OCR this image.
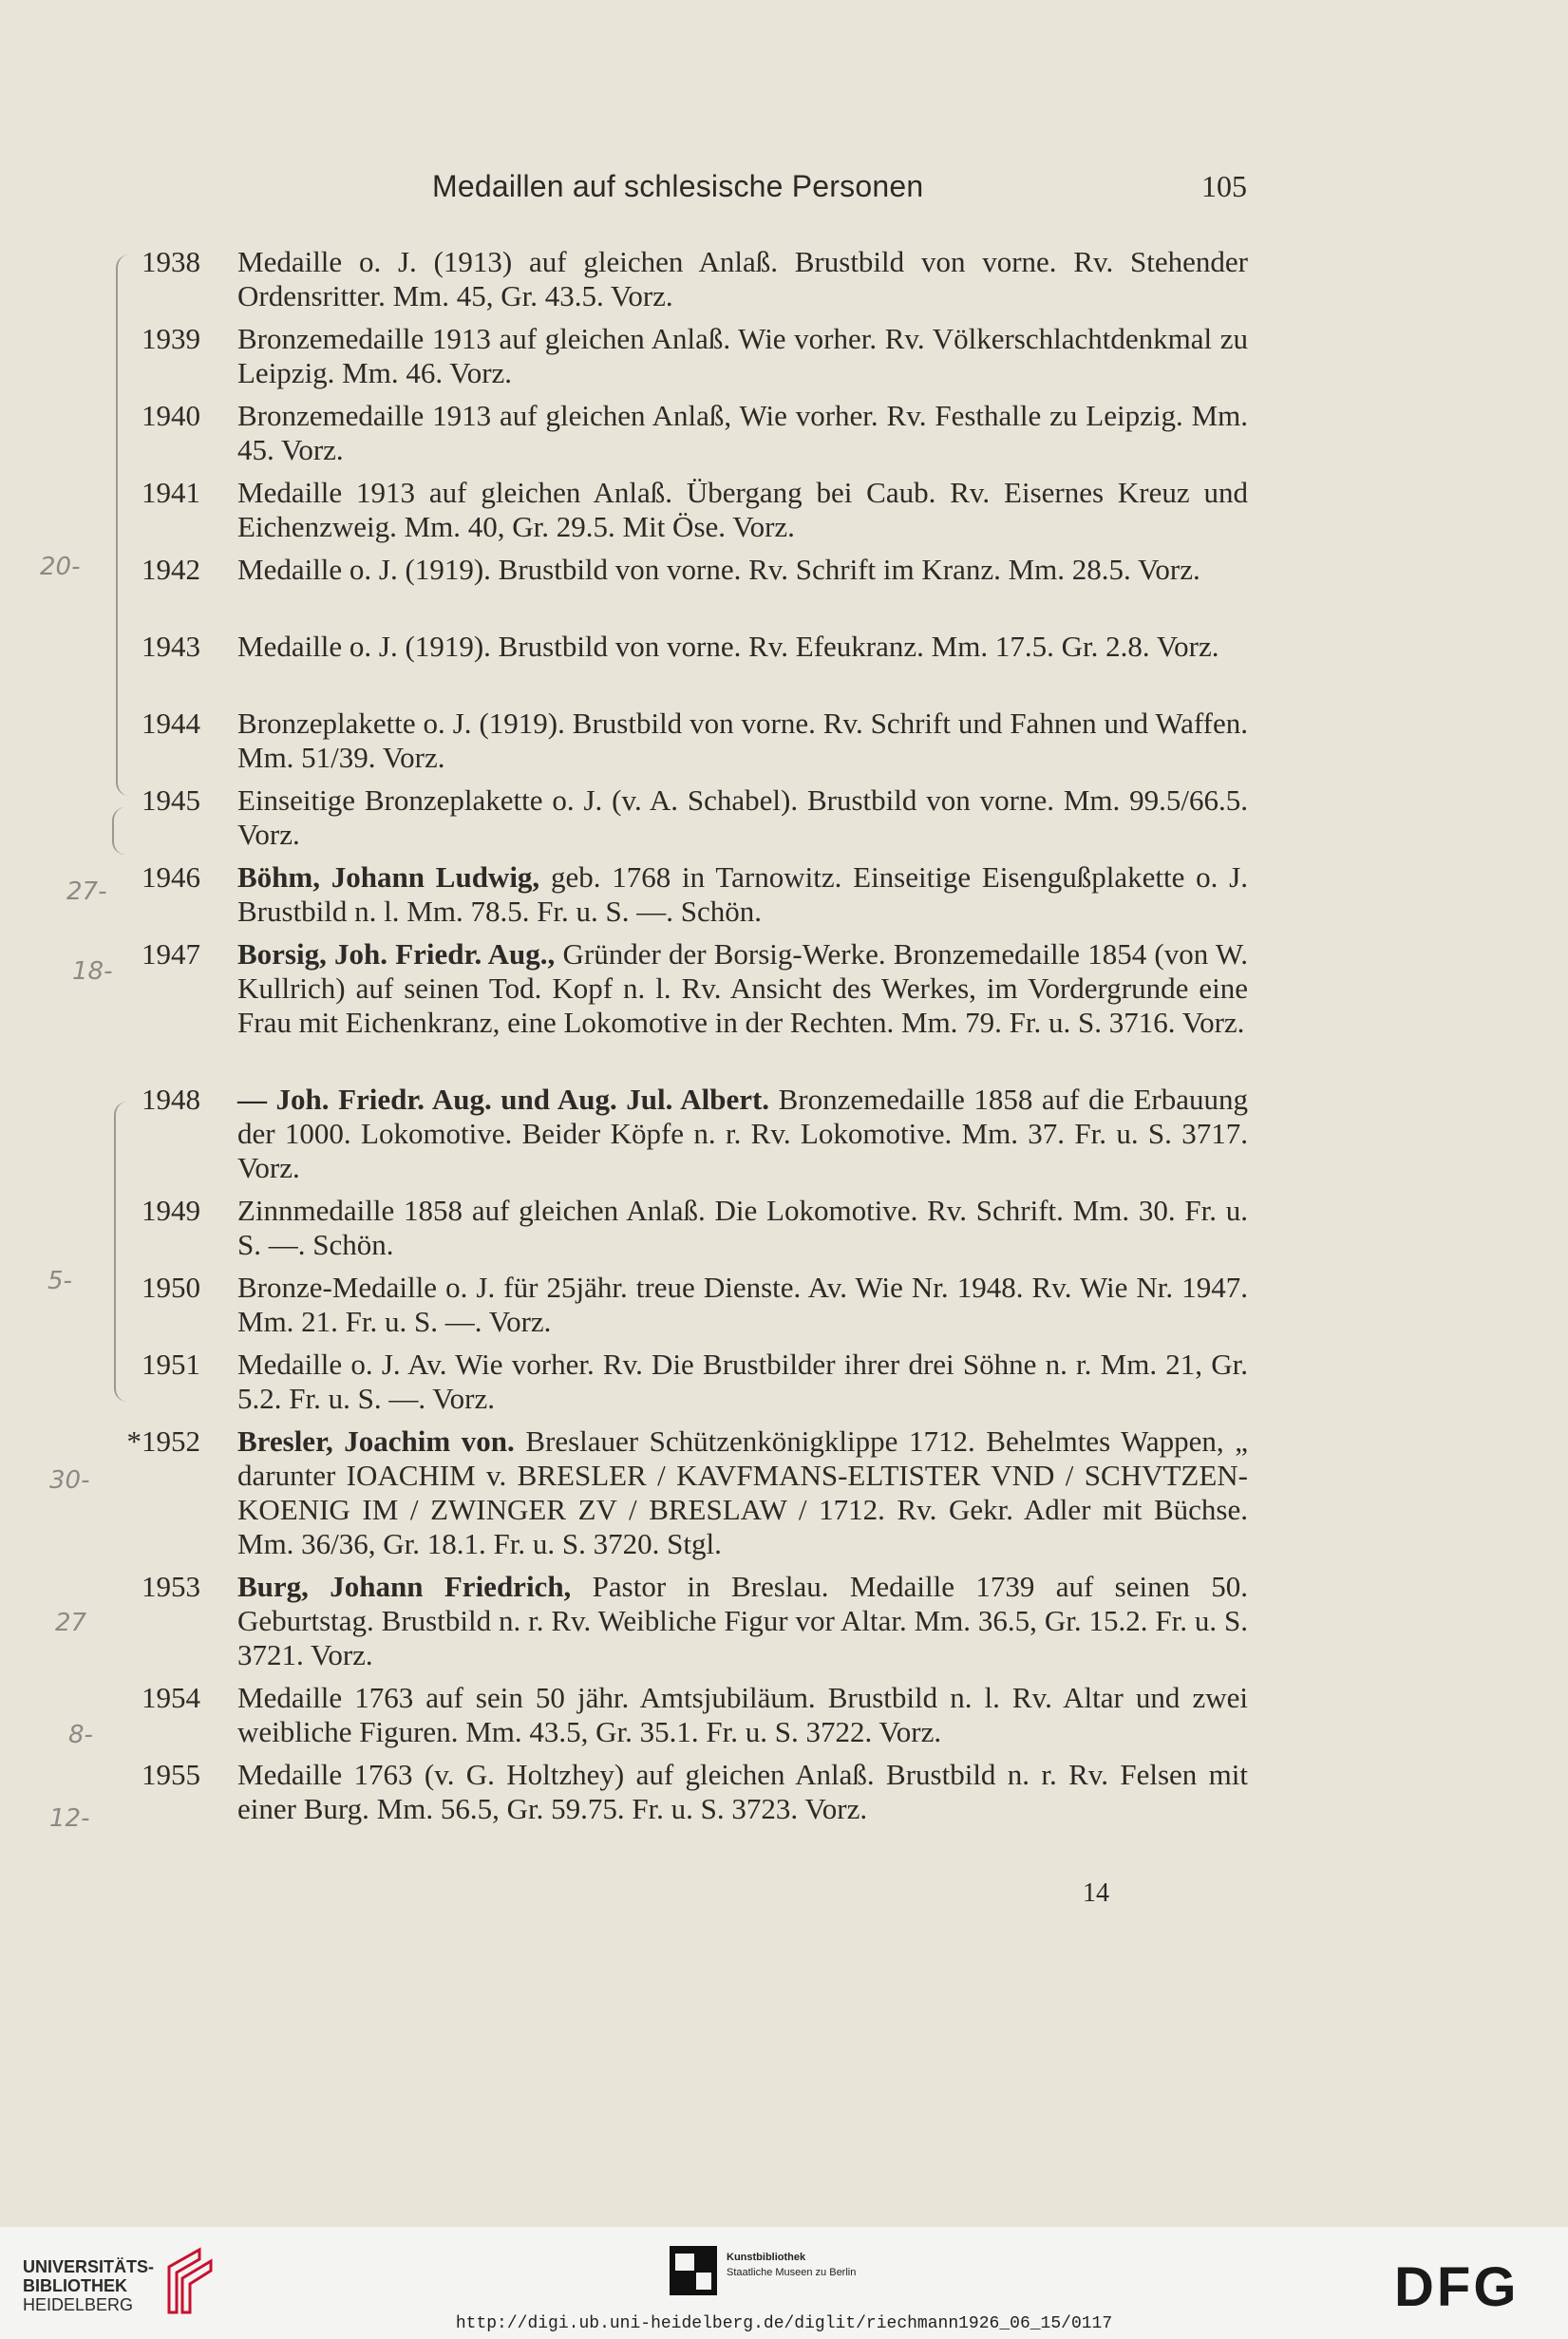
Medaillen auf schlesische Personen	105
20-
27-
18-
5-
30-
27
8-
12-
1938 Medaille o. J. (1913) auf gleichen Anlaß. Brustbild von vorne. Rv. Stehender Ordensritter. Mm. 45, Gr. 43.5. Vorz.
1939 Bronzemedaille 1913 auf gleichen Anlaß. Wie vorher. Rv. Völkerschlachtdenkmal zu Leipzig. Mm. 46. Vorz.
1940 Bronzemedaille 1913 auf gleichen Anlaß, Wie vorher. Rv. Festhalle zu Leipzig. Mm. 45. Vorz.
1941 Medaille 1913 auf gleichen Anlaß. Übergang bei Caub. Rv. Eisernes Kreuz und Eichenzweig. Mm. 40, Gr. 29.5. Mit Öse. Vorz.
1942 Medaille o. J. (1919). Brustbild von vorne. Rv. Schrift im Kranz. Mm. 28.5. Vorz.
1943 Medaille o. J. (1919). Brustbild von vorne. Rv. Efeukranz. Mm. 17.5. Gr. 2.8. Vorz.
1944 Bronzeplakette o. J. (1919). Brustbild von vorne. Rv. Schrift und Fahnen und Waffen. Mm. 51/39. Vorz.
1945 Einseitige Bronzeplakette o. J. (v. A. Schabel). Brustbild von vorne. Mm. 99.5/66.5. Vorz.
1946 Böhm, Johann Ludwig, geb. 1768 in Tarnowitz. Einseitige Eisengußplakette o. J. Brustbild n. l. Mm. 78.5. Fr. u. S. —. Schön.
1947 Borsig, Joh. Friedr. Aug., Gründer der Borsig-Werke. Bronzemedaille 1854 (von W. Kullrich) auf seinen Tod. Kopf n. l. Rv. Ansicht des Werkes, im Vordergrunde eine Frau mit Eichenkranz, eine Lokomotive in der Rechten. Mm. 79. Fr. u. S. 3716. Vorz.
1948 — Joh. Friedr. Aug. und Aug. Jul. Albert. Bronzemedaille 1858 auf die Erbauung der 1000. Lokomotive. Beider Köpfe n. r. Rv. Lokomotive. Mm. 37. Fr. u. S. 3717. Vorz.
1949 Zinnmedaille 1858 auf gleichen Anlaß. Die Lokomotive. Rv. Schrift. Mm. 30. Fr. u. S. —. Schön.
1950 Bronze-Medaille o. J. für 25jähr. treue Dienste. Av. Wie Nr. 1948. Rv. Wie Nr. 1947. Mm. 21. Fr. u. S. —. Vorz.
1951 Medaille o. J. Av. Wie vorher. Rv. Die Brustbilder ihrer drei Söhne n. r. Mm. 21, Gr. 5.2. Fr. u. S. —. Vorz.
*1952 Bresler, Joachim von. Breslauer Schützenkönigklippe 1712. Behelmtes Wappen, „ darunter IOACHIM v. BRESLER / KAVFMANS-ELTISTER VND / SCHVTZEN-KOENIG IM / ZWINGER ZV / BRESLAW / 1712. Rv. Gekr. Adler mit Büchse. Mm. 36/36, Gr. 18.1. Fr. u. S. 3720. Stgl.
1953 Burg, Johann Friedrich, Pastor in Breslau. Medaille 1739 auf seinen 50. Geburtstag. Brustbild n. r. Rv. Weibliche Figur vor Altar. Mm. 36.5, Gr. 15.2. Fr. u. S. 3721. Vorz.
1954 Medaille 1763 auf sein 50 jähr. Amtsjubiläum. Brustbild n. l. Rv. Altar und zwei weibliche Figuren. Mm. 43.5, Gr. 35.1. Fr. u. S. 3722. Vorz.
1955 Medaille 1763 (v. G. Holtzhey) auf gleichen Anlaß. Brustbild n. r. Rv. Felsen mit einer Burg. Mm. 56.5, Gr. 59.75. Fr. u. S. 3723. Vorz.
14
UNIVERSITÄTS-
BIBLIOTHEK
HEIDELBERG
Kunstbibliothek
Staatliche Museen zu Berlin	DFG
http://digi.ub.uni-heidelberg.de/diglit/riechmann1926_06_15/0117
